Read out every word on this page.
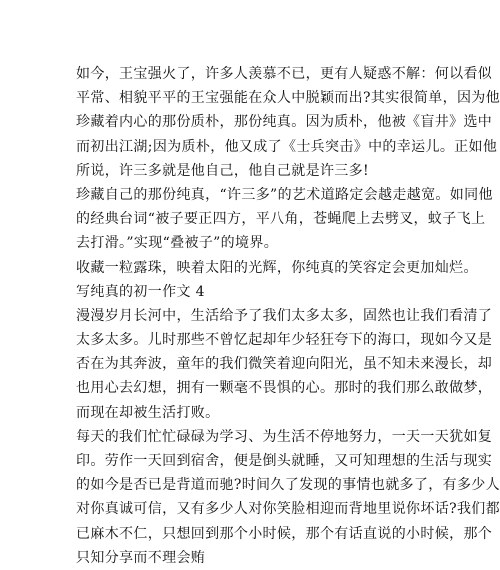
如今，王宝强火了，许多人羡慕不已，更有人疑惑不解：何以看似
平常、相貌平平的王宝强能在众人中脱颖而出?其实很简单，因为他
珍藏着内心的那份质朴，那份纯真。因为质朴，他被《盲井》选中
而初出江湖;因为质朴，他又成了《士兵突击》中的幸运儿。正如他
所说，许三多就是他自己，他自己就是许三多!
珍藏自己的那份纯真，“许三多”的艺术道路定会越走越宽。如同他
的经典台词“被子要正四方，平八角，苍蝇爬上去劈叉，蚊子飞上
去打滑。”实现“叠被子”的境界。
收藏一粒露珠，映着太阳的光辉，你纯真的笑容定会更加灿烂。
写纯真的初一作文 4
漫漫岁月长河中，生活给予了我们太多太多，固然也让我们看清了
太多太多。儿时那些不曾忆起却年少轻狂夸下的海口，现如今又是
否在为其奔波，童年的我们微笑着迎向阳光，虽不知未来漫长，却
也用心去幻想，拥有一颗毫不畏惧的心。那时的我们那么敢做梦，
而现在却被生活打败。
每天的我们忙忙碌碌为学习、为生活不停地努力，一天一天犹如复
印。劳作一天回到宿舍，便是倒头就睡，又可知理想的生活与现实
的如今是否已是背道而驰?时间久了发现的事情也就多了，有多少人
对你真诚可信，又有多少人对你笑脸相迎而背地里说你坏话?我们都
已麻木不仁，只想回到那个小时候，那个有话直说的小时候，那个
只知分享而不理会贿
